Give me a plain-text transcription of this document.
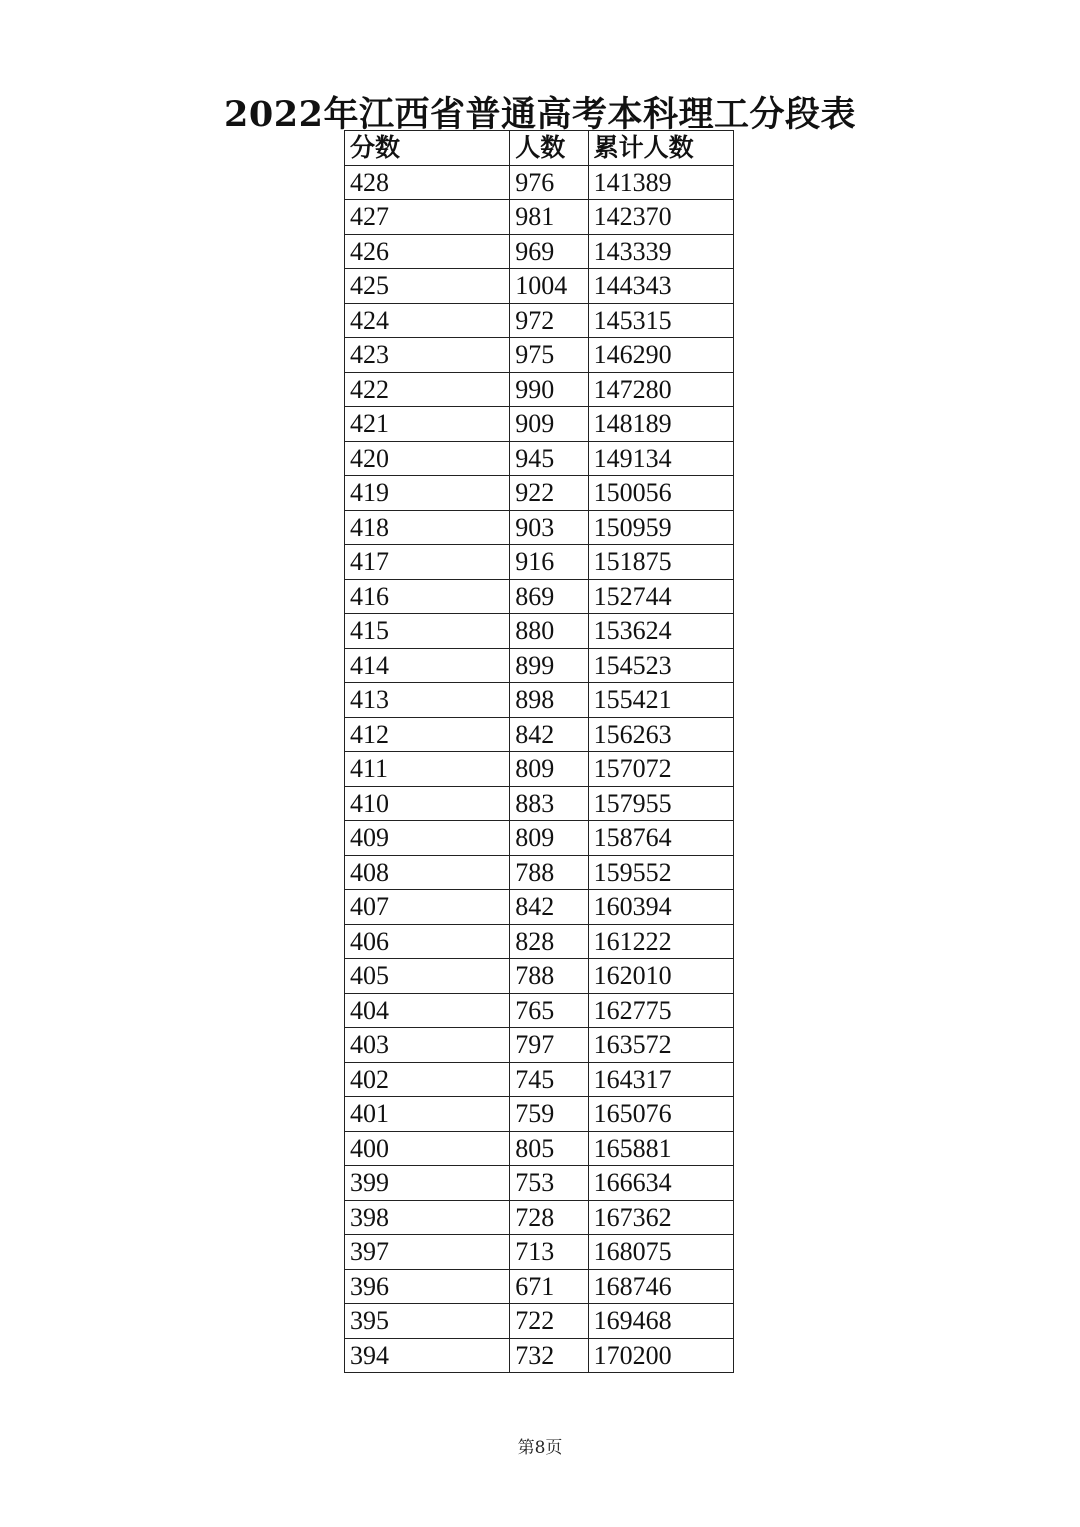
2022年江西省普通高考本科理工分段表
分数	人数	累计人数
428	976	141389
427	981	142370
426	969	143339
425	1004	144343
424	972	145315
423	975	146290
422	990	147280
421	909	148189
420	945	149134
419	922	150056
418	903	150959
417	916	151875
416	869	152744
415	880	153624
414	899	154523
413	898	155421
412	842	156263
411	809	157072
410	883	157955
409	809	158764
408	788	159552
407	842	160394
406	828	161222
405	788	162010
404	765	162775
403	797	163572
402	745	164317
401	759	165076
400	805	165881
399	753	166634
398	728	167362
397	713	168075
396	671	168746
395	722	169468
394	732	170200
第8页
